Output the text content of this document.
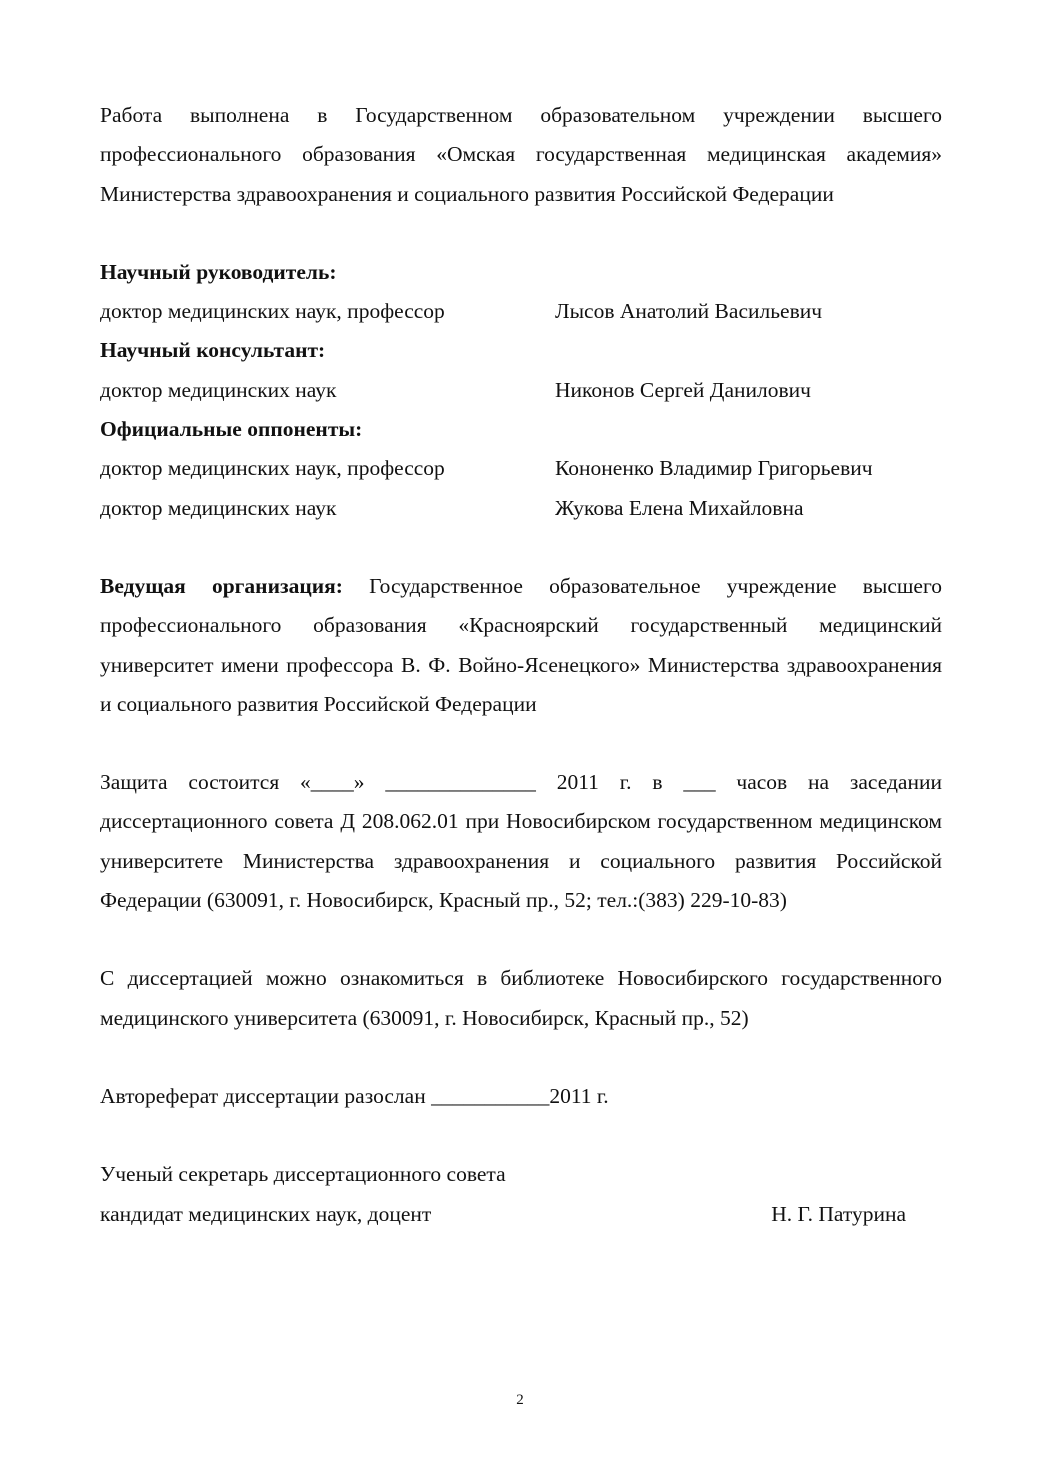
Работа выполнена в Государственном образовательном учреждении высшего профессионального образования «Омская государственная медицинская академия» Министерства здравоохранения и социального развития Российской Федерации

Научный руководитель:
доктор медицинских наук, профессор	Лысов Анатолий Васильевич
Научный консультант:
доктор медицинских наук	Никонов Сергей Данилович
Официальные оппоненты:
доктор медицинских наук, профессор	Кононенко Владимир Григорьевич
доктор медицинских наук	Жукова Елена Михайловна

Ведущая организация: Государственное образовательное учреждение высшего профессионального образования «Красноярский государственный медицинский университет имени профессора В. Ф. Войно-Ясенецкого» Министерства здравоохранения и социального развития Российской Федерации

Защита состоится «____» ______________ 2011 г. в ___ часов на заседании диссертационного совета Д 208.062.01 при Новосибирском государственном медицинском университете Министерства здравоохранения и социального развития Российской Федерации (630091, г. Новосибирск, Красный пр., 52; тел.:(383) 229-10-83)

С диссертацией можно ознакомиться в библиотеке Новосибирского государственного медицинского университета (630091, г. Новосибирск, Красный пр., 52)

Автореферат диссертации разослан ___________2011 г.

Ученый секретарь диссертационного совета
кандидат медицинских наук, доцент	Н. Г. Патурина
2
